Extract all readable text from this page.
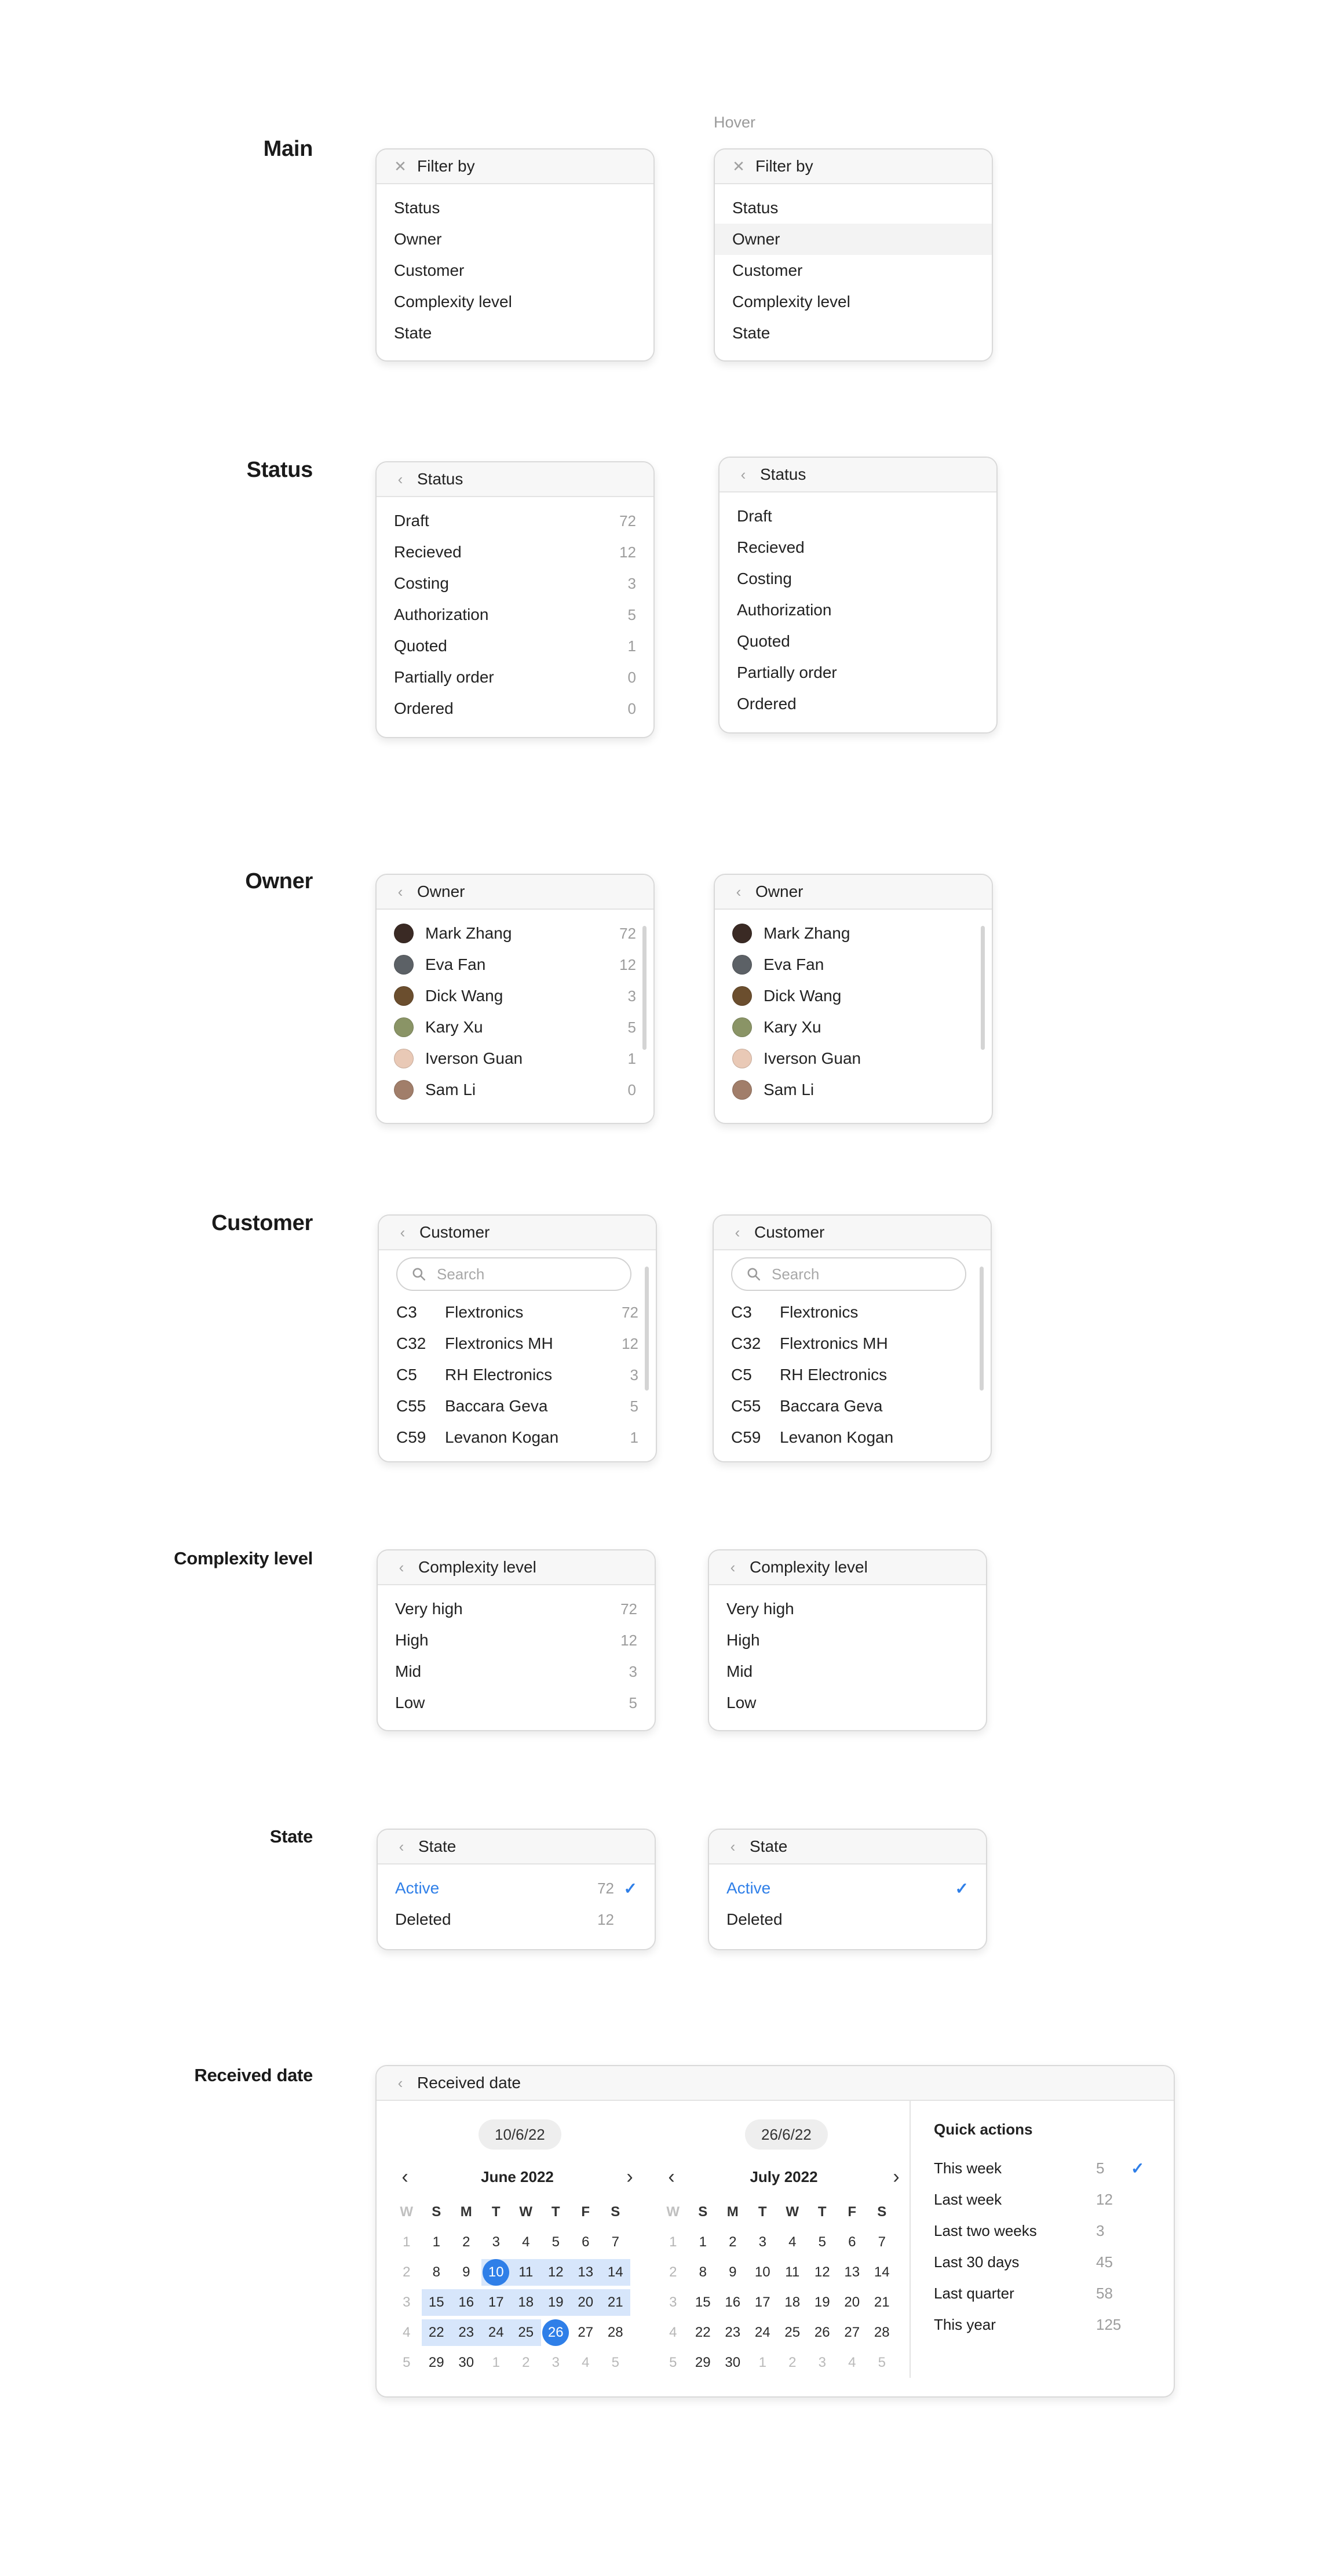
Main
Status
Owner
Customer
Complexity level
State
Received date
Hover
✕ Filter by
Status
Owner
Customer
Complexity level
State
✕ Filter by
Status
Owner
Customer
Complexity level
State
‹ Status
Draft	72
Recieved	12
Costing	3
Authorization	5
Quoted	1
Partially order	0
Ordered	0
‹ Status
Draft
Recieved
Costing
Authorization
Quoted
Partially order
Ordered
‹ Owner
Mark Zhang	72
Eva Fan	12
Dick Wang	3
Kary Xu	5
Iverson Guan	1
Sam Li	0
‹ Owner
Mark Zhang
Eva Fan
Dick Wang
Kary Xu
Iverson Guan
Sam Li
‹ Customer
Search
C3	Flextronics	72
C32	Flextronics MH	12
C5	RH Electronics	3
C55	Baccara Geva	5
C59	Levanon Kogan	1
‹ Customer
Search
C3	Flextronics
C32	Flextronics MH
C5	RH Electronics
C55	Baccara Geva
C59	Levanon Kogan
‹ Complexity level
Very high	72
High	12
Mid	3
Low	5
‹ Complexity level
Very high
High
Mid
Low
‹ State
Active	72 ✓
Deleted	12
‹ State
Active	✓
Deleted
‹ Received date
10/6/22
‹	June 2022	›
W	S	M	T	W	T	F	S
1	1	2	3	4	5	6	7
2	8	9	10	11	12	13	14
3	15	16	17	18	19	20	21
4	22	23	24	25	26	27	28
5	29	30	1	2	3	4	5
26/6/22
‹	July 2022	›
W	S	M	T	W	T	F	S
1	1	2	3	4	5	6	7
2	8	9	10	11	12	13	14
3	15	16	17	18	19	20	21
4	22	23	24	25	26	27	28
5	29	30	1	2	3	4	5
Quick actions
This week	5	✓
Last week	12
Last two weeks	3
Last 30 days	45
Last quarter	58
This year	125
